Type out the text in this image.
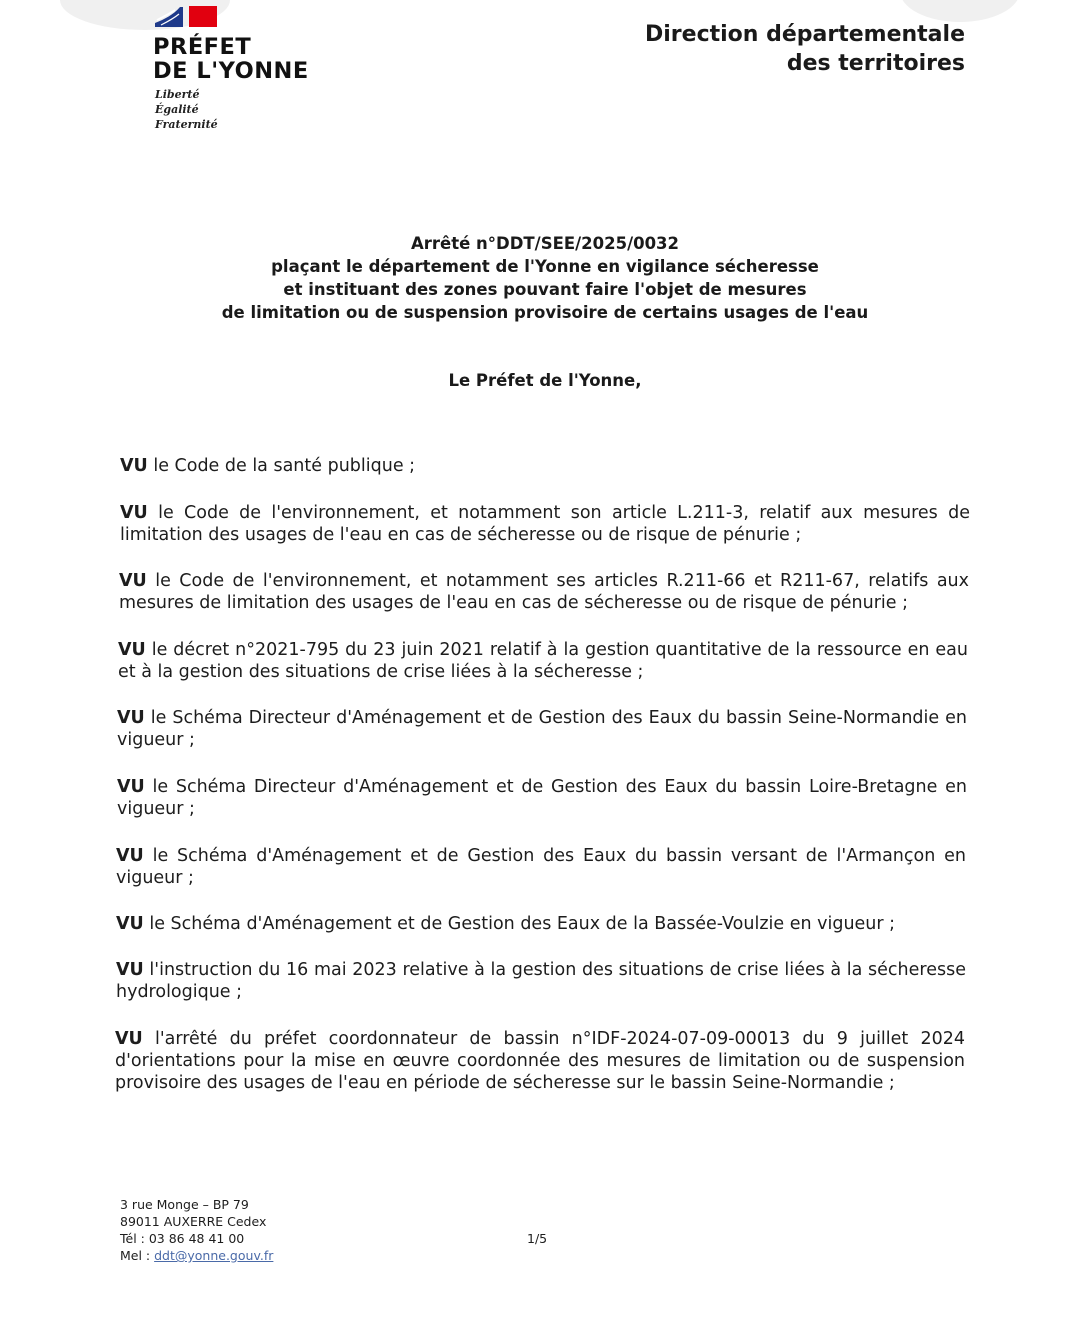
PRÉFET
DE L'YONNE
Liberté
Égalité
Fraternité
Direction départementale
des territoires
Arrêté n°DDT/SEE/2025/0032
plaçant le département de l'Yonne en vigilance sécheresse
et instituant des zones pouvant faire l'objet de mesures
de limitation ou de suspension provisoire de certains usages de l'eau
Le Préfet de l'Yonne,
VU le Code de la santé publique ;
VU le Code de l'environnement, et notamment son article L.211-3, relatif aux mesures de limitation des usages de l'eau en cas de sécheresse ou de risque de pénurie ;
VU le Code de l'environnement, et notamment ses articles R.211-66 et R211-67, relatifs aux mesures de limitation des usages de l'eau en cas de sécheresse ou de risque de pénurie ;
VU le décret n°2021-795 du 23 juin 2021 relatif à la gestion quantitative de la ressource en eau et à la gestion des situations de crise liées à la sécheresse ;
VU le Schéma Directeur d'Aménagement et de Gestion des Eaux du bassin Seine-Normandie en vigueur ;
VU le Schéma Directeur d'Aménagement et de Gestion des Eaux du bassin Loire-Bretagne en vigueur ;
VU le Schéma d'Aménagement et de Gestion des Eaux du bassin versant de l'Armançon en vigueur ;
VU le Schéma d'Aménagement et de Gestion des Eaux de la Bassée-Voulzie en vigueur ;
VU l'instruction du 16 mai 2023 relative à la gestion des situations de crise liées à la sécheresse hydrologique ;
VU l'arrêté du préfet coordonnateur de bassin n°IDF-2024-07-09-00013 du 9 juillet 2024 d'orientations pour la mise en œuvre coordonnée des mesures de limitation ou de suspension provisoire des usages de l'eau en période de sécheresse sur le bassin Seine-Normandie ;
3 rue Monge – BP 79
89011 AUXERRE Cedex
Tél : 03 86 48 41 00
Mel : ddt@yonne.gouv.fr
1/5
